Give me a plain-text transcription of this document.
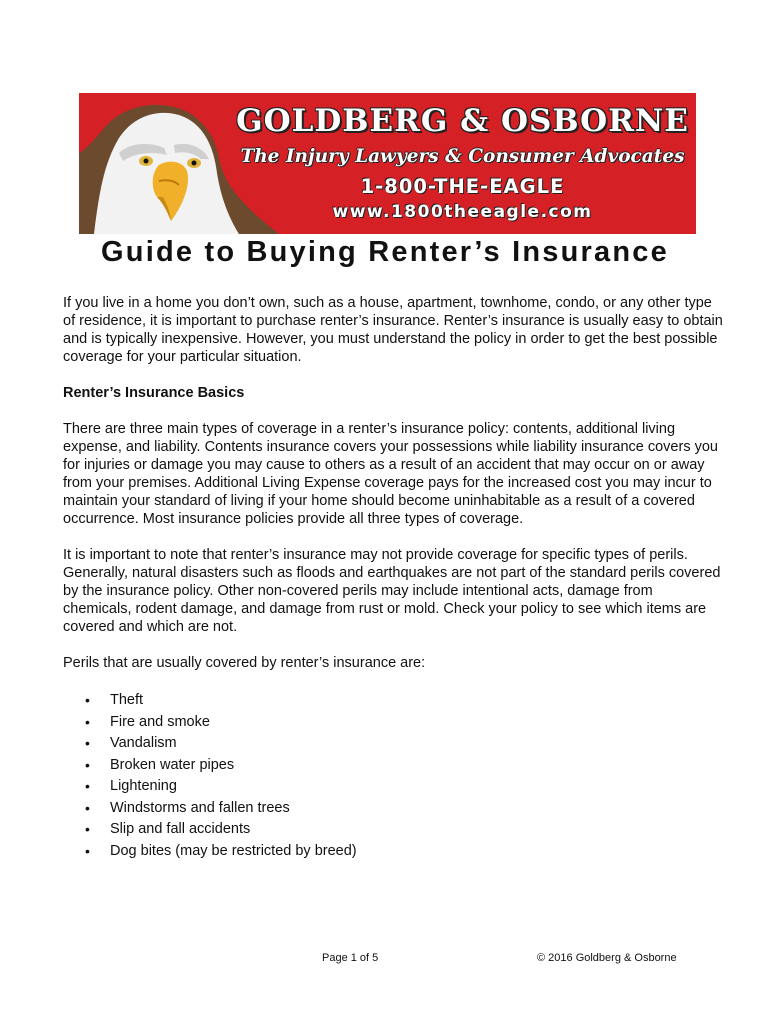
GOLDBERG & OSBORNE
The Injury Lawyers & Consumer Advocates
1-800-THE-EAGLE
www.1800theeagle.com
Guide to Buying Renter’s Insurance

If you live in a home you don’t own, such as a house, apartment, townhome, condo, or any other type of residence, it is important to purchase renter’s insurance. Renter’s insurance is usually easy to obtain and is typically inexpensive. However, you must understand the policy in order to get the best possible coverage for your particular situation.

Renter’s Insurance Basics

There are three main types of coverage in a renter’s insurance policy: contents, additional living expense, and liability. Contents insurance covers your possessions while liability insurance covers you for injuries or damage you may cause to others as a result of an accident that may occur on or away from your premises. Additional Living Expense coverage pays for the increased cost you may incur to maintain your standard of living if your home should become uninhabitable as a result of a covered occurrence. Most insurance policies provide all three types of coverage.

It is important to note that renter’s insurance may not provide coverage for specific types of perils. Generally, natural disasters such as floods and earthquakes are not part of the standard perils covered by the insurance policy. Other non-covered perils may include intentional acts, damage from chemicals, rodent damage, and damage from rust or mold. Check your policy to see which items are covered and which are not.

Perils that are usually covered by renter’s insurance are:

• Theft
• Fire and smoke
• Vandalism
• Broken water pipes
• Lightening
• Windstorms and fallen trees
• Slip and fall accidents
• Dog bites (may be restricted by breed)
Page 1 of 5	© 2016 Goldberg & Osborne
